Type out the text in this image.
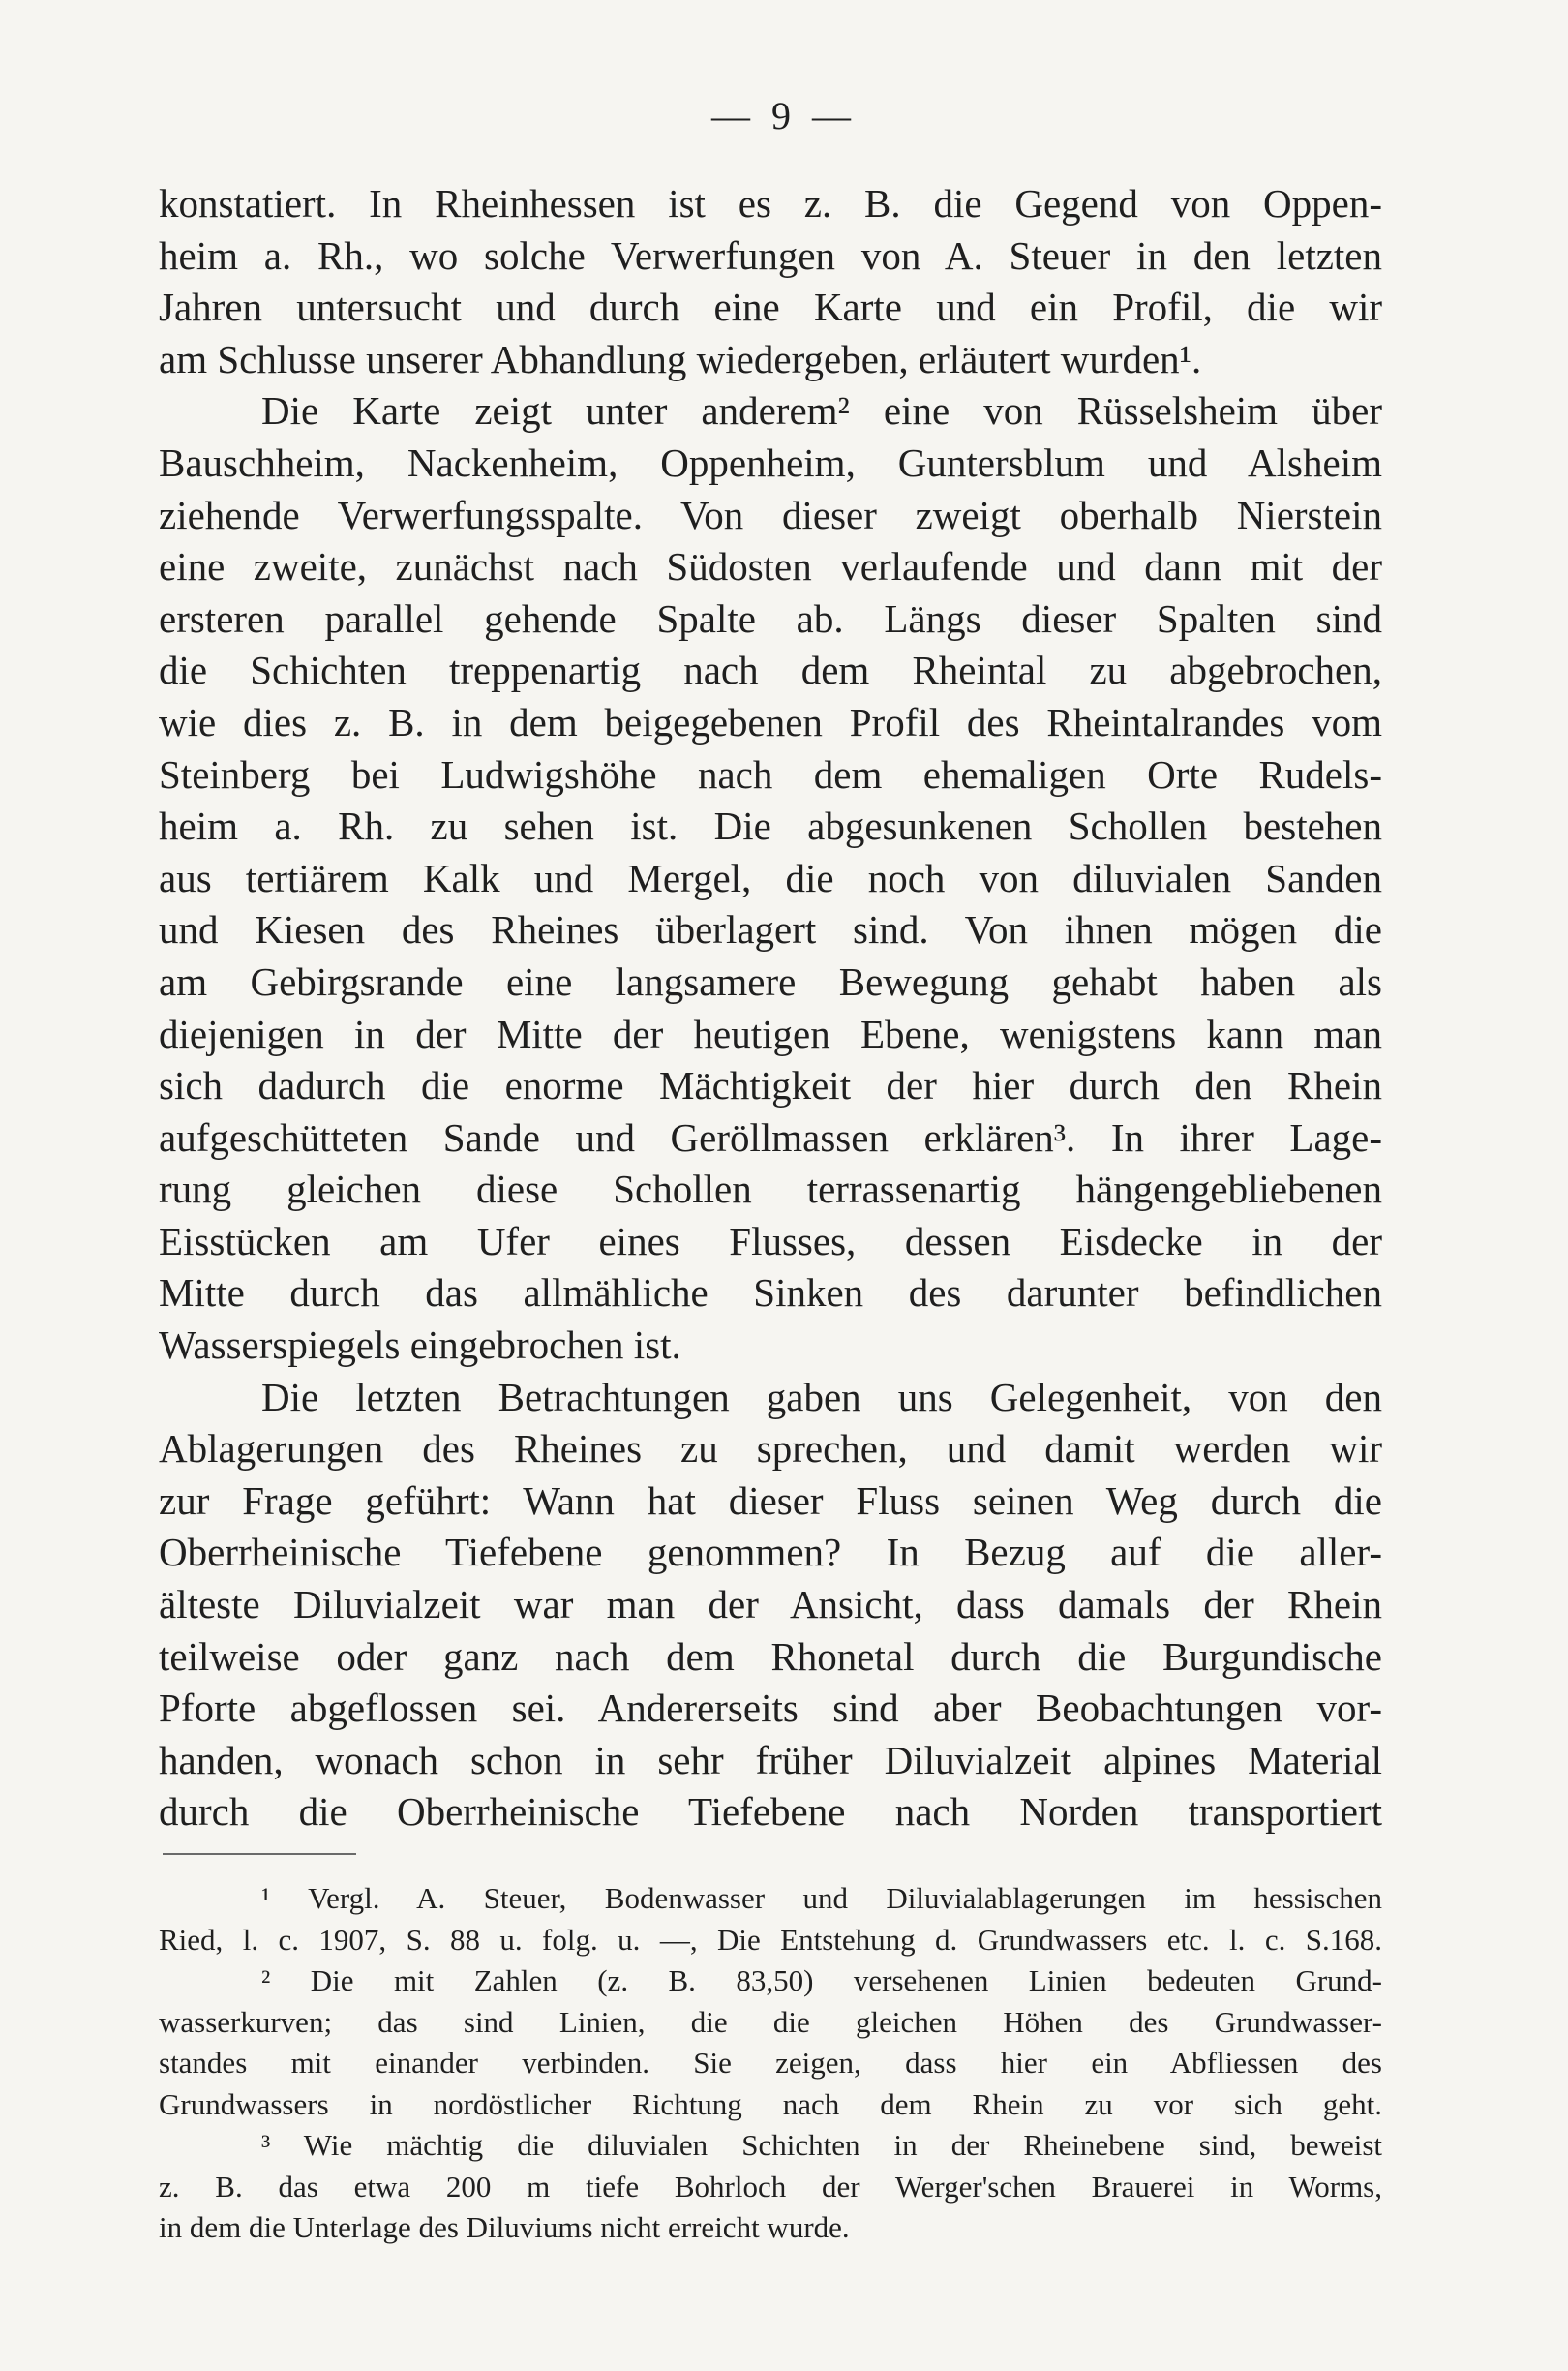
— 9 —
konstatiert. In Rheinhessen ist es z. B. die Gegend von Oppen-
heim a. Rh., wo solche Verwerfungen von A. Steuer in den letzten
Jahren untersucht und durch eine Karte und ein Profil, die wir
am Schlusse unserer Abhandlung wiedergeben, erläutert wurden¹.
Die Karte zeigt unter anderem² eine von Rüsselsheim über
Bauschheim, Nackenheim, Oppenheim, Guntersblum und Alsheim
ziehende Verwerfungsspalte. Von dieser zweigt oberhalb Nierstein
eine zweite, zunächst nach Südosten verlaufende und dann mit der
ersteren parallel gehende Spalte ab. Längs dieser Spalten sind
die Schichten treppenartig nach dem Rheintal zu abgebrochen,
wie dies z. B. in dem beigegebenen Profil des Rheintalrandes vom
Steinberg bei Ludwigshöhe nach dem ehemaligen Orte Rudels-
heim a. Rh. zu sehen ist. Die abgesunkenen Schollen bestehen
aus tertiärem Kalk und Mergel, die noch von diluvialen Sanden
und Kiesen des Rheines überlagert sind. Von ihnen mögen die
am Gebirgsrande eine langsamere Bewegung gehabt haben als
diejenigen in der Mitte der heutigen Ebene, wenigstens kann man
sich dadurch die enorme Mächtigkeit der hier durch den Rhein
aufgeschütteten Sande und Geröllmassen erklären³. In ihrer Lage-
rung gleichen diese Schollen terrassenartig hängengebliebenen
Eisstücken am Ufer eines Flusses, dessen Eisdecke in der
Mitte durch das allmähliche Sinken des darunter befindlichen
Wasserspiegels eingebrochen ist.
Die letzten Betrachtungen gaben uns Gelegenheit, von den
Ablagerungen des Rheines zu sprechen, und damit werden wir
zur Frage geführt: Wann hat dieser Fluss seinen Weg durch die
Oberrheinische Tiefebene genommen? In Bezug auf die aller-
älteste Diluvialzeit war man der Ansicht, dass damals der Rhein
teilweise oder ganz nach dem Rhonetal durch die Burgundische
Pforte abgeflossen sei. Andererseits sind aber Beobachtungen vor-
handen, wonach schon in sehr früher Diluvialzeit alpines Material
durch die Oberrheinische Tiefebene nach Norden transportiert
¹ Vergl. A. Steuer, Bodenwasser und Diluvialablagerungen im hessischen
Ried, l. c. 1907, S. 88 u. folg. u. —, Die Entstehung d. Grundwassers etc. l. c. S.168.
² Die mit Zahlen (z. B. 83,50) versehenen Linien bedeuten Grund-
wasserkurven; das sind Linien, die die gleichen Höhen des Grundwasser-
standes mit einander verbinden. Sie zeigen, dass hier ein Abfliessen des
Grundwassers in nordöstlicher Richtung nach dem Rhein zu vor sich geht.
³ Wie mächtig die diluvialen Schichten in der Rheinebene sind, beweist
z. B. das etwa 200 m tiefe Bohrloch der Werger'schen Brauerei in Worms,
in dem die Unterlage des Diluviums nicht erreicht wurde.
